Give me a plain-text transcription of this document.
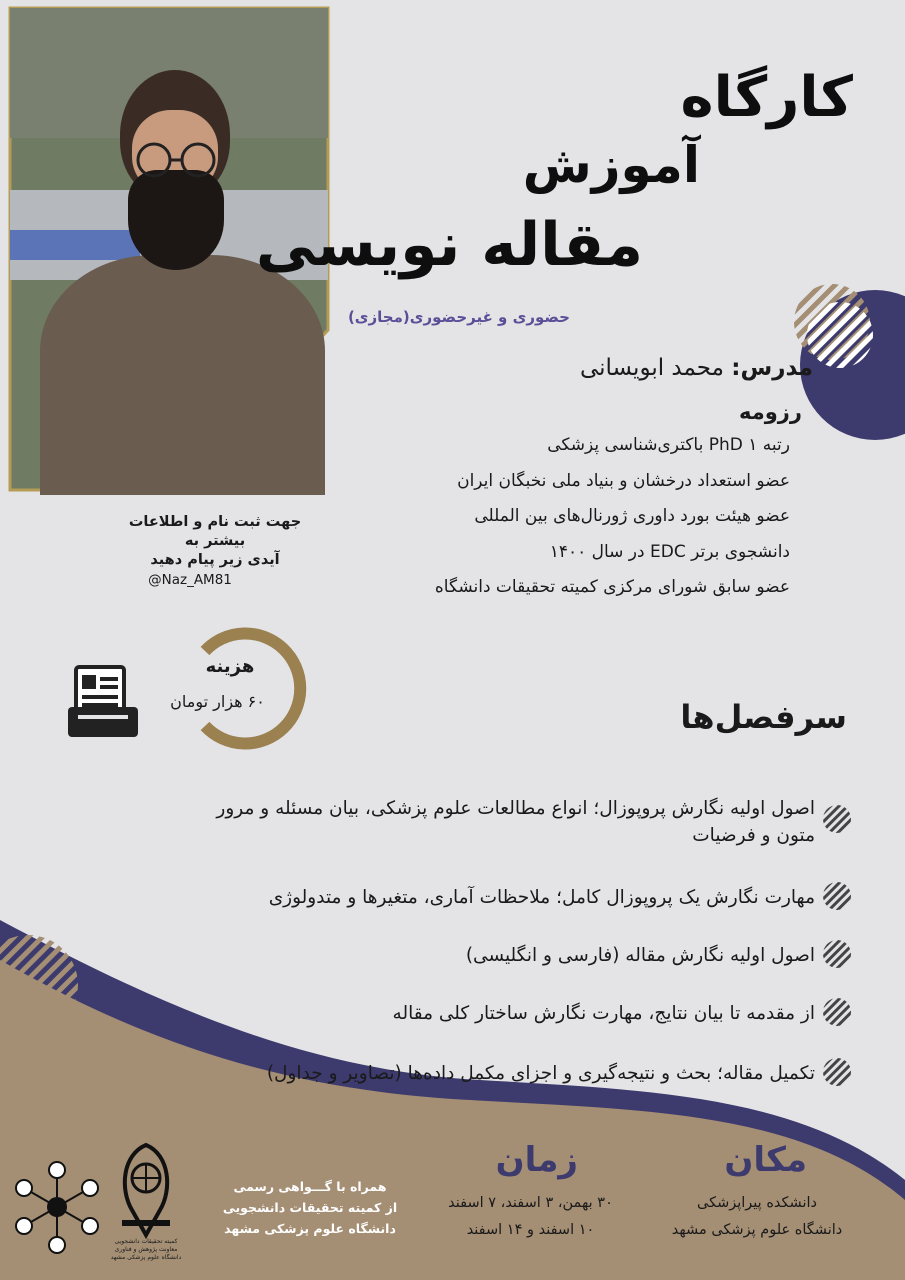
کارگاه
آموزش
مقاله نویسی
حضوری و غیرحضوری(مجازی)
مدرس: محمد ابویسانی
رزومه
رتبه ۱ PhD باکتری‌شناسی پزشکی
عضو استعداد درخشان و بنیاد ملی نخبگان ایران
عضو هیئت بورد داوری ژورنال‌های بین المللی
دانشجوی برتر EDC در سال ۱۴۰۰
عضو سابق شورای مرکزی کمیته تحقیقات دانشگاه
جهت ثبت نام و اطلاعات بیشتر به
آیدی زیر پیام دهید
@Naz_AM81
هزینه
۶۰ هزار تومان	سرفصل‌ها
اصول اولیه نگارش پروپوزال؛ انواع مطالعات علوم پزشکی، بیان مسئله و مرور متون و فرضیات
مهارت نگارش یک پروپوزال کامل؛ ملاحظات آماری، متغیرها و متدولوژی
اصول اولیه نگارش مقاله (فارسی و انگلیسی)
از مقدمه تا بیان نتایج، مهارت نگارش ساختار کلی مقاله
تکمیل مقاله؛ بحث و نتیجه‌گیری و اجزای مکمل داده‌ها (تصاویر و جداول)
مکان
دانشکده پیراپزشکی
دانشگاه علوم پزشکی مشهد
زمان
۳۰ بهمن، ۳ اسفند، ۷ اسفند
۱۰ اسفند و ۱۴ اسفند
همراه با گـــواهی رسمی
از کمیته تحقیقات دانشجویی
دانشگاه علوم پزشکی مشهد
کمیته تحقیقات دانشجویی
معاونت پژوهش و فناوری
دانشگاه علوم پزشکی مشهد
